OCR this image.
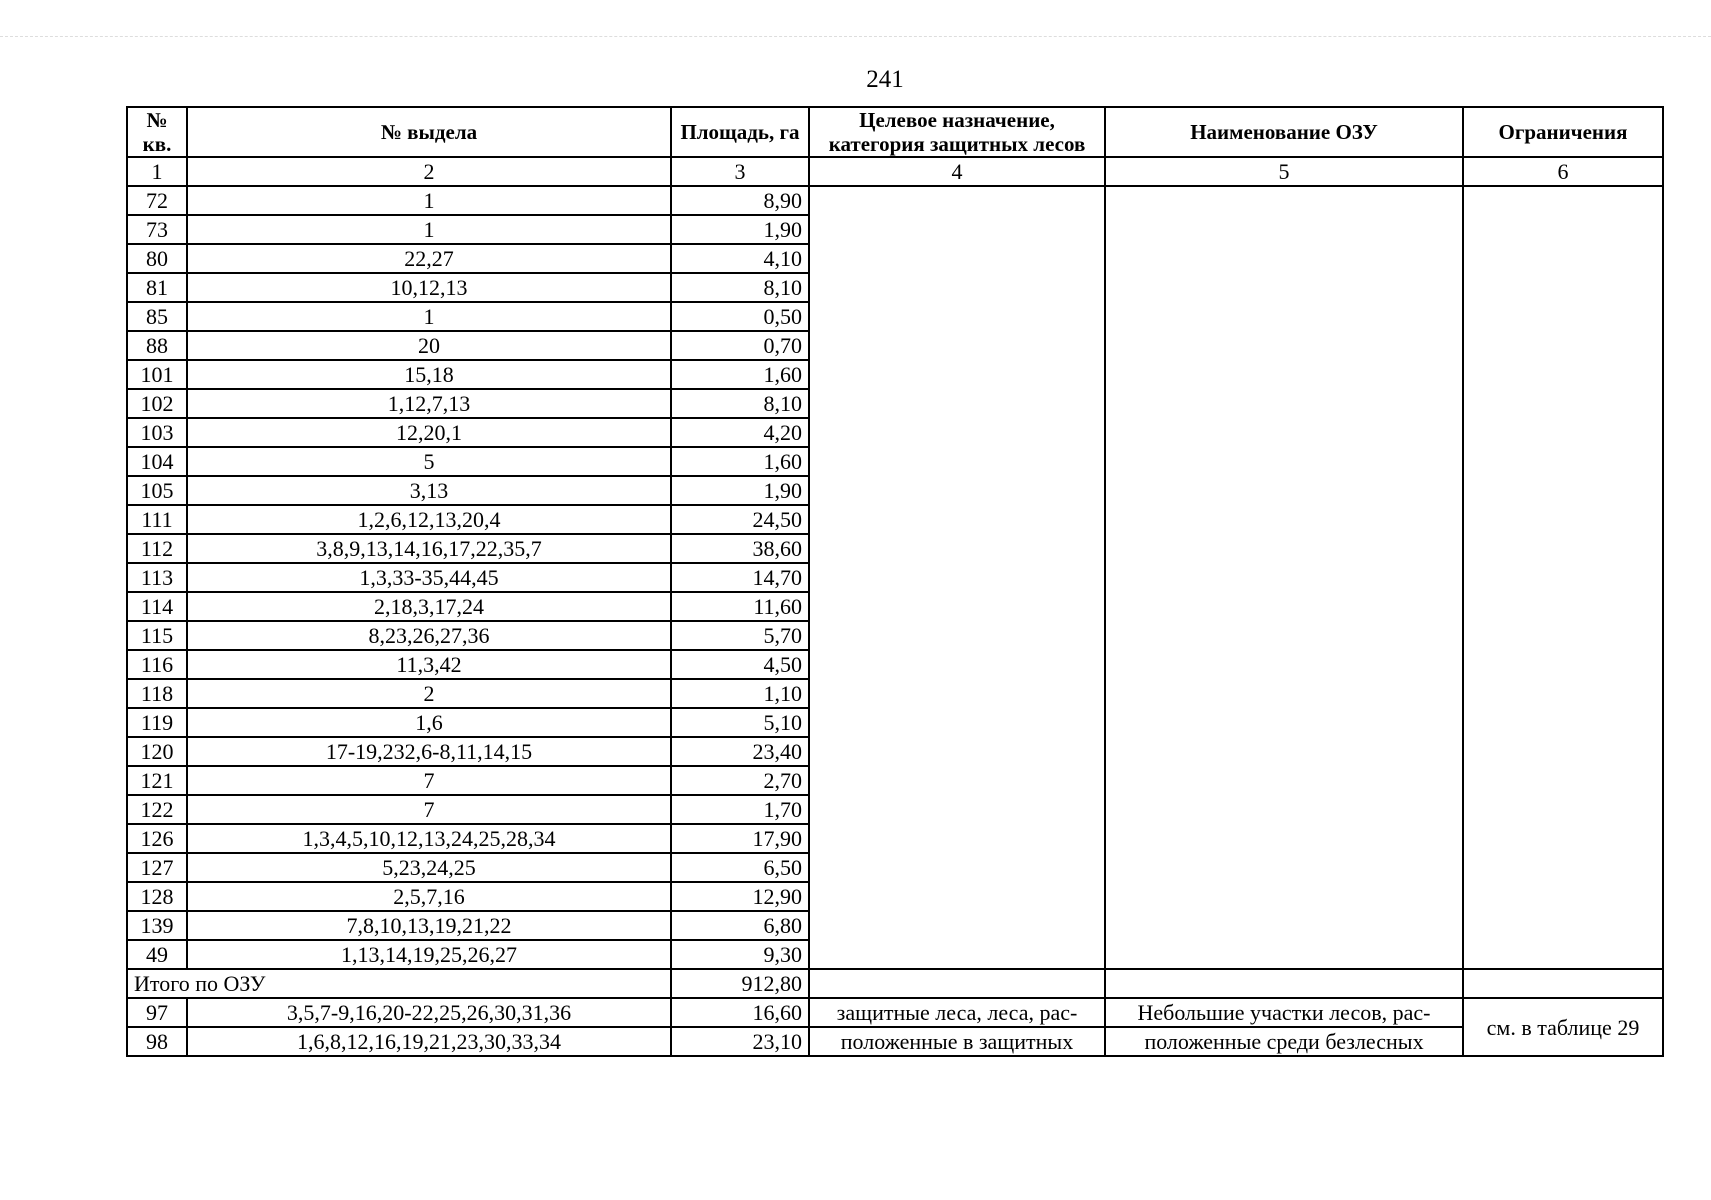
241
№ кв.	№ выдела	Площадь, га	Целевое назначение, категория защитных лесов	Наименование ОЗУ	Ограничения
1	2	3	4	5	6
72	1	8,90			
73	1	1,90			
80	22,27	4,10			
81	10,12,13	8,10			
85	1	0,50			
88	20	0,70			
101	15,18	1,60			
102	1,12,7,13	8,10			
103	12,20,1	4,20			
104	5	1,60			
105	3,13	1,90			
111	1,2,6,12,13,20,4	24,50			
112	3,8,9,13,14,16,17,22,35,7	38,60			
113	1,3,33-35,44,45	14,70			
114	2,18,3,17,24	11,60			
115	8,23,26,27,36	5,70			
116	11,3,42	4,50			
118	2	1,10			
119	1,6	5,10			
120	17-19,232,6-8,11,14,15	23,40			
121	7	2,70			
122	7	1,70			
126	1,3,4,5,10,12,13,24,25,28,34	17,90			
127	5,23,24,25	6,50			
128	2,5,7,16	12,90			
139	7,8,10,13,19,21,22	6,80			
49	1,13,14,19,25,26,27	9,30			
Итого по ОЗУ		912,80			
97	3,5,7-9,16,20-22,25,26,30,31,36	16,60	защитные леса, леса, рас-	Небольшие участки лесов, рас-	см. в таблице 29
98	1,6,8,12,16,19,21,23,30,33,34	23,10	положенные в защитных	положенные среди безлесных	
